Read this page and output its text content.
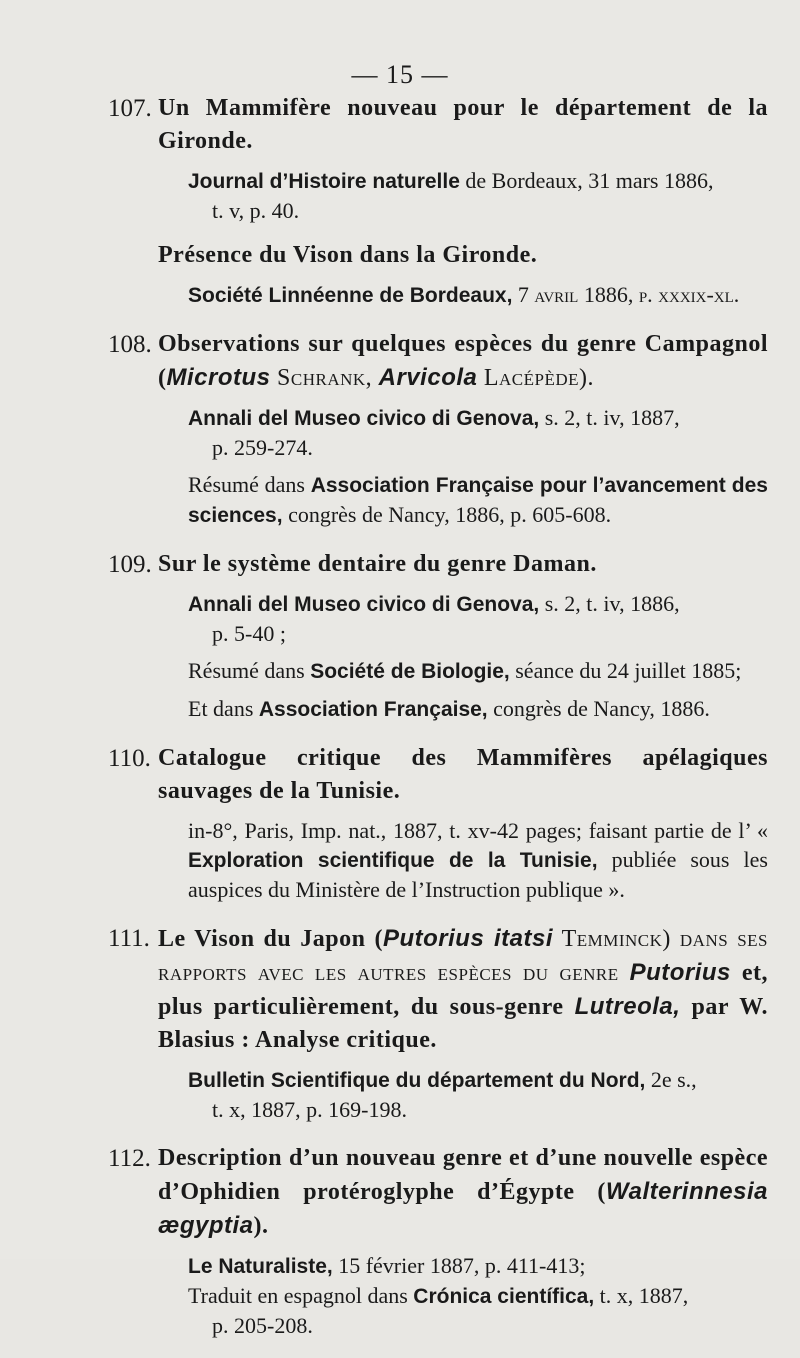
— 15 —
107. Un Mammifère nouveau pour le département de la Gironde.
Journal d’Histoire naturelle de Bordeaux, 31 mars 1886,
t. v, p. 40.
Présence du Vison dans la Gironde.
Société Linnéenne de Bordeaux, 7 avril 1886, p. xxxix-xl.
108. Observations sur quelques espèces du genre Campagnol (Microtus Schrank, Arvicola Lacépède).
Annali del Museo civico di Genova, s. 2, t. iv, 1887,
p. 259-274.
Résumé dans Association Française pour l’avancement des sciences, congrès de Nancy, 1886, p. 605-608.
109. Sur le système dentaire du genre Daman.
Annali del Museo civico di Genova, s. 2, t. iv, 1886,
p. 5-40 ;
Résumé dans Société de Biologie, séance du 24 juillet 1885;
Et dans Association Française, congrès de Nancy, 1886.
110. Catalogue critique des Mammifères apélagiques sauvages de la Tunisie.
in-8°, Paris, Imp. nat., 1887, t. xv-42 pages; faisant partie de l’ « Exploration scientifique de la Tunisie, publiée sous les auspices du Ministère de l’Instruction publique ».
111. Le Vison du Japon (Putorius itatsi Temminck) dans ses rapports avec les autres espèces du genre Putorius et, plus particulièrement, du sous-genre Lutreola, par W. Blasius : Analyse critique.
Bulletin Scientifique du département du Nord, 2e s.,
t. x, 1887, p. 169-198.
112. Description d’un nouveau genre et d’une nouvelle espèce d’Ophidien protéroglyphe d’Égypte (Walterinnesia ægyptia).
Le Naturaliste, 15 février 1887, p. 411-413;
Traduit en espagnol dans Crónica científica, t. x, 1887,
p. 205-208.
